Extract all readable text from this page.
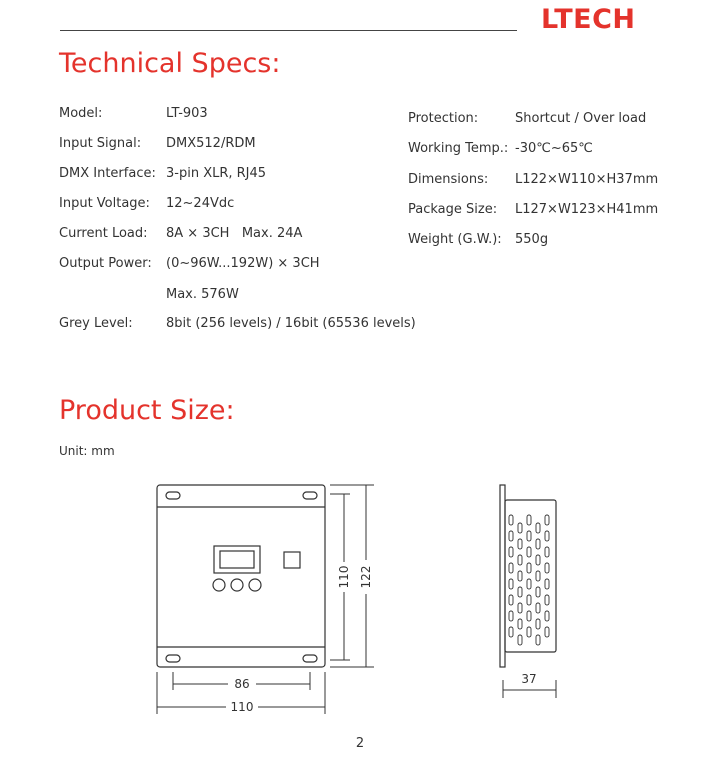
LTECH
Technical Specs:
Model:	LT-903
Input Signal: DMX512/RDM
DMX Interface: 3-pin XLR, RJ45
Input Voltage: 12~24Vdc
Current Load: 8A × 3CH   Max. 24A
Output Power: (0~96W...192W) × 3CH
Max. 576W
Grey Level:	8bit (256 levels) / 16bit (65536 levels)
Protection:	Shortcut / Over load
Working Temp.: -30℃~65℃
Dimensions: L122×W110×H37mm
Package Size: L127×W123×H41mm
Weight (G.W.): 550g
Product Size:
Unit: mm
110 122
86
110
37
2
